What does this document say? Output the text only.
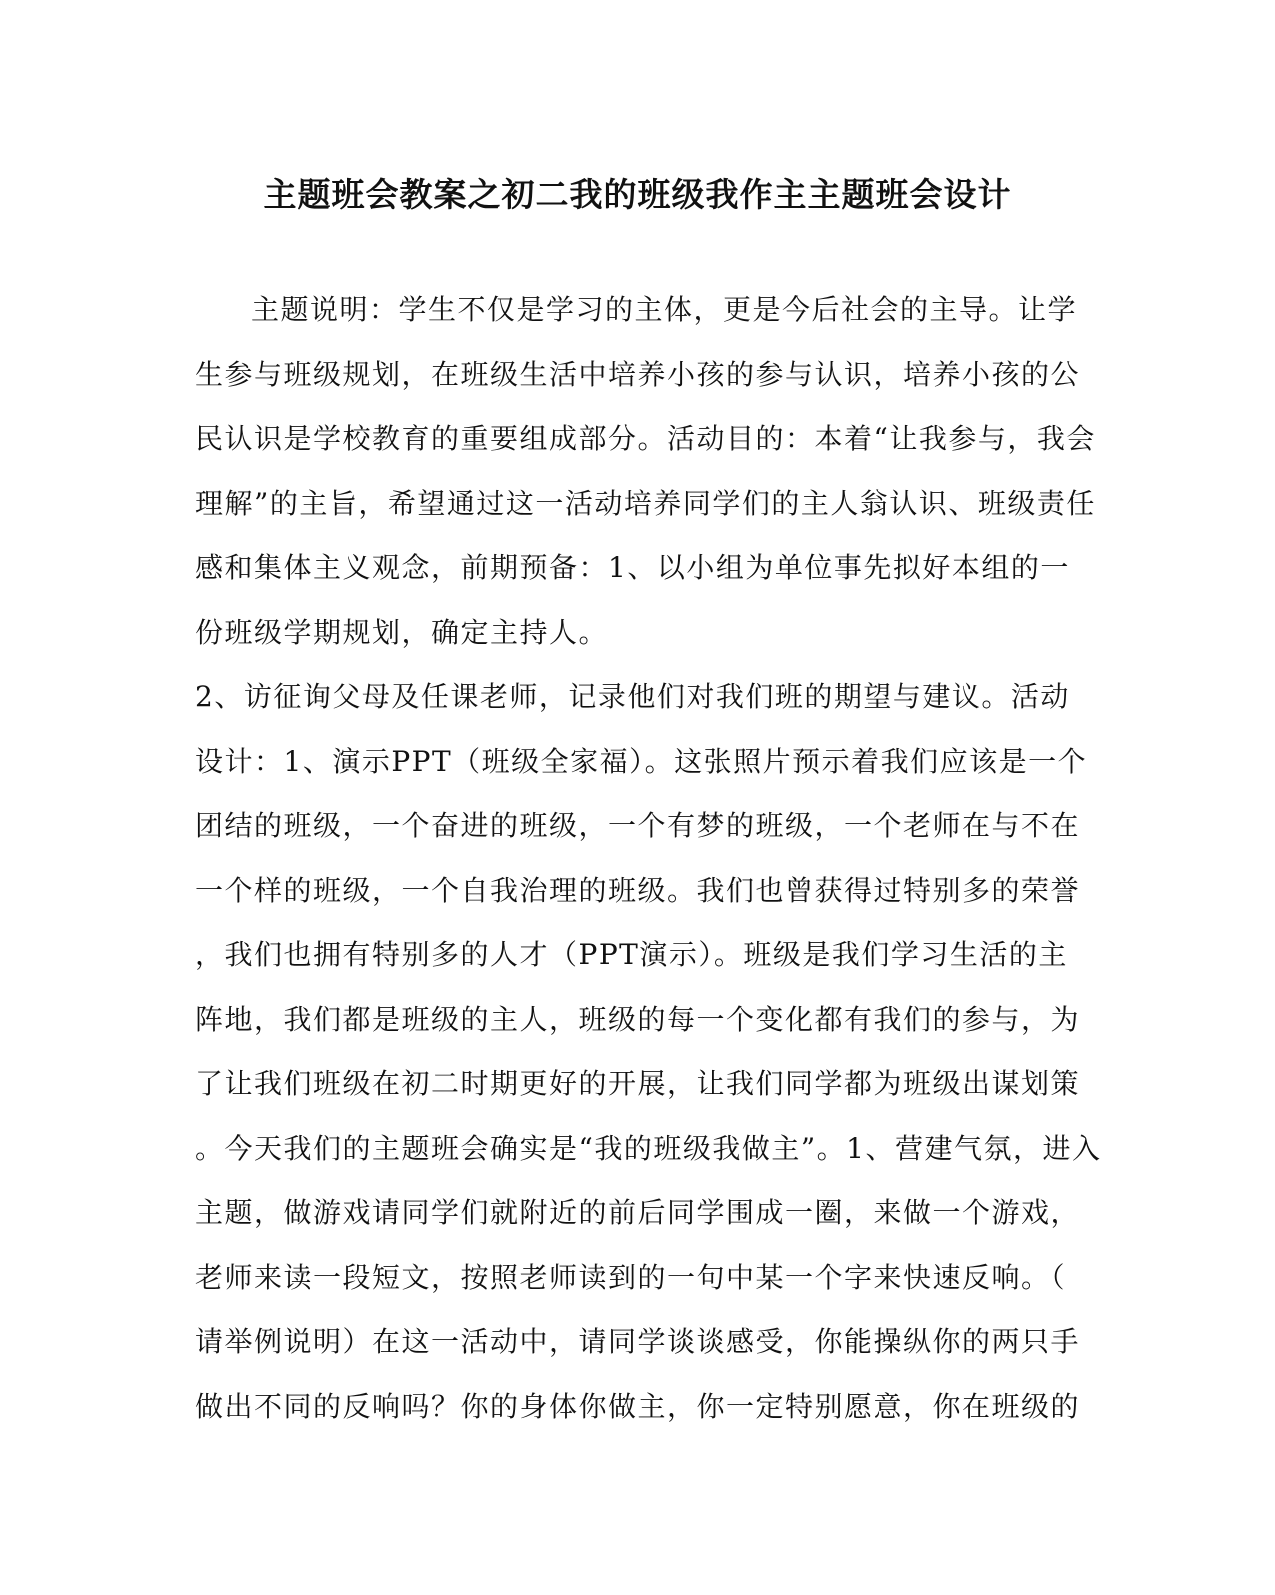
主题班会教案之初二我的班级我作主主题班会设计
主题说明：学生不仅是学习的主体，更是今后社会的主导。让学
生参与班级规划，在班级生活中培养小孩的参与认识，培养小孩的公
民认识是学校教育的重要组成部分。活动目的：本着“让我参与，我会
理解”的主旨，希望通过这一活动培养同学们的主人翁认识、班级责任
感和集体主义观念，前期预备：1、以小组为单位事先拟好本组的一
份班级学期规划，确定主持人。
2、访征询父母及任课老师，记录他们对我们班的期望与建议。活动
设计：1、演示PPT（班级全家福）。这张照片预示着我们应该是一个
团结的班级，一个奋进的班级，一个有梦的班级，一个老师在与不在
一个样的班级，一个自我治理的班级。我们也曾获得过特别多的荣誉
，我们也拥有特别多的人才（PPT演示）。班级是我们学习生活的主
阵地，我们都是班级的主人，班级的每一个变化都有我们的参与，为
了让我们班级在初二时期更好的开展，让我们同学都为班级出谋划策
。今天我们的主题班会确实是“我的班级我做主”。1、营建气氛，进入
主题，做游戏请同学们就附近的前后同学围成一圈，来做一个游戏，
老师来读一段短文，按照老师读到的一句中某一个字来快速反响。（
请举例说明）在这一活动中，请同学谈谈感受，你能操纵你的两只手
做出不同的反响吗？你的身体你做主，你一定特别愿意，你在班级的
